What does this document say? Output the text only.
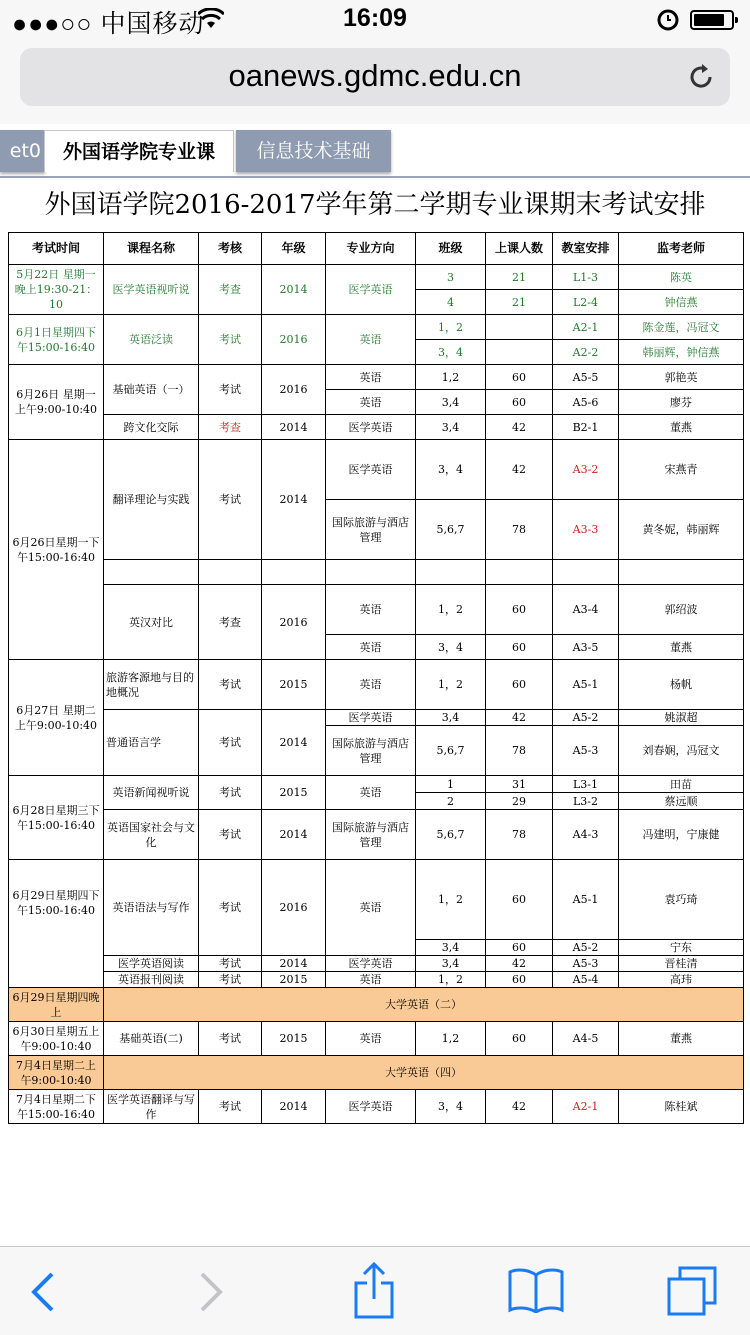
●●●○○ 中国移动	16:09
oanews.gdmc.edu.cn
et0	外国语学院专业课	信息技术基础
外国语学院2016-2017学年第二学期专业课期末考试安排
考试时间	课程名称	考核	年级	专业方向	班级	上课人数	教室安排	监考老师
5月22日 星期一晚上19:30-21：10	医学英语视听说	考查	2014	医学英语	3	21	L1-3	陈英
					4	21	L2-4	钟信燕
6月1日星期四下午15:00-16:40	英语泛读	考试	2016	英语	1，2		A2-1	陈金莲，冯冠文
					3，4		A2-2	韩丽辉，钟信燕
6月26日 星期一上午9:00-10:40	基础英语（一）	考试	2016	英语	1,2	60	A5-5	郭艳英
				英语	3,4	60	A5-6	廖芬
	跨文化交际	考查	2014	医学英语	3,4	42	B2-1	董燕
6月26日星期一下午15:00-16:40	翻译理论与实践	考试	2014	医学英语	3，4	42	A3-2	宋燕青
				国际旅游与酒店管理	5,6,7	78	A3-3	黄冬妮，韩丽辉

	英汉对比	考查	2016	英语	1，2	60	A3-4	郭绍波
				英语	3，4	60	A3-5	董燕
6月27日 星期二上午9:00-10:40	旅游客源地与目的地概况	考试	2015	英语	1，2	60	A5-1	杨帆
	普通语言学	考试	2014	医学英语	3,4	42	A5-2	姚淑超
				国际旅游与酒店管理	5,6,7	78	A5-3	刘春娴，冯冠文
6月28日星期三下午15:00-16:40	英语新闻视听说	考试	2015	英语	1	31	L3-1	田苗
					2	29	L3-2	蔡远顺
	英语国家社会与文化	考试	2014	国际旅游与酒店管理	5,6,7	78	A4-3	冯建明，宁康健
6月29日星期四下午15:00-16:40	英语语法与写作	考试	2016	英语	1，2	60	A5-1	袁巧琦
					3,4	60	A5-2	宁东
	医学英语阅读	考试	2014	医学英语	3,4	42	A5-3	晋桂清
	英语报刊阅读	考试	2015	英语	1，2	60	A5-4	高玮
6月29日星期四晚上	大学英语（二）							
6月30日星期五上午9:00-10:40	基础英语(二)	考试	2015	英语	1,2	60	A4-5	董燕
7月4日星期二上午9:00-10:40	大学英语（四）							
7月4日星期二下午15:00-16:40	医学英语翻译与写作	考试	2014	医学英语	3，4	42	A2-1	陈桂斌
